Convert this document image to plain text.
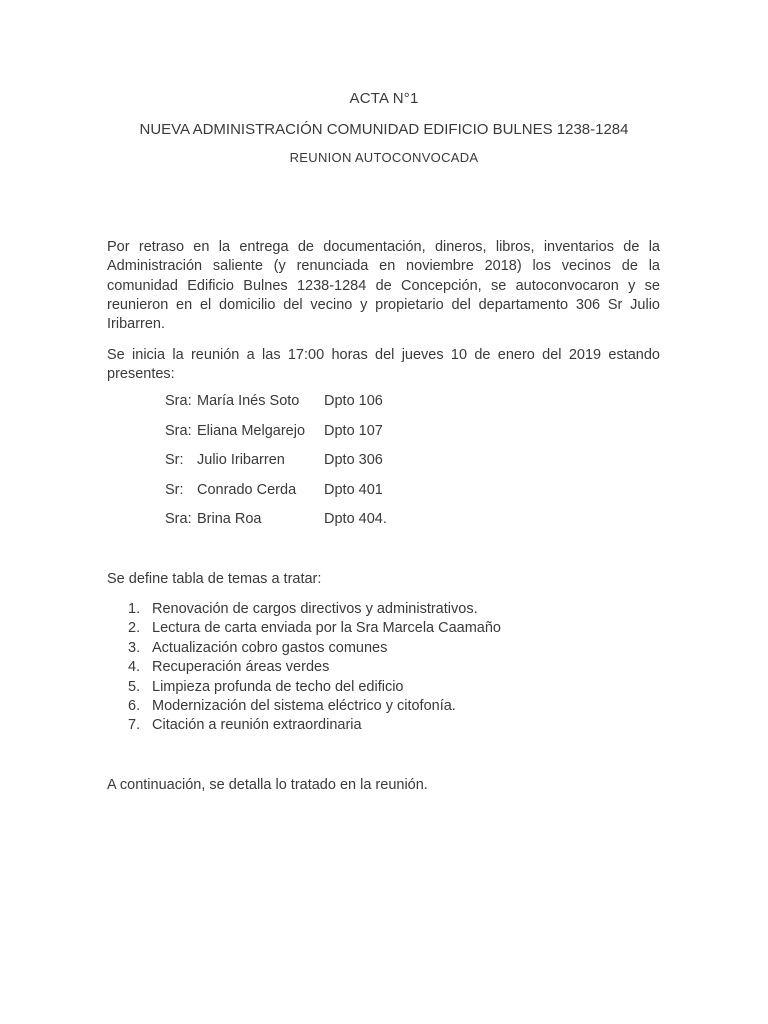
ACTA N°1
NUEVA ADMINISTRACIÓN COMUNIDAD EDIFICIO BULNES 1238-1284
REUNION AUTOCONVOCADA

Por retraso en la entrega de documentación, dineros, libros, inventarios de la Administración saliente (y renunciada en noviembre 2018) los vecinos de la comunidad Edificio Bulnes 1238-1284 de Concepción, se autoconvocaron y se reunieron en el domicilio del vecino y propietario del departamento 306 Sr Julio Iribarren.

Se inicia la reunión a las 17:00 horas del jueves 10 de enero del 2019 estando presentes:

Sra: María Inés Soto Dpto 106
Sra: Eliana Melgarejo Dpto 107
Sr: Julio Iribarren	Dpto 306
Sr: Conrado Cerda Dpto 401
Sra: Brina Roa	Dpto 404.

Se define tabla de temas a tratar:

1. Renovación de cargos directivos y administrativos.
2. Lectura de carta enviada por la Sra Marcela Caamaño
3. Actualización cobro gastos comunes
4. Recuperación áreas verdes
5. Limpieza profunda de techo del edificio
6. Modernización del sistema eléctrico y citofonía.
7. Citación a reunión extraordinaria

A continuación, se detalla lo tratado en la reunión.
